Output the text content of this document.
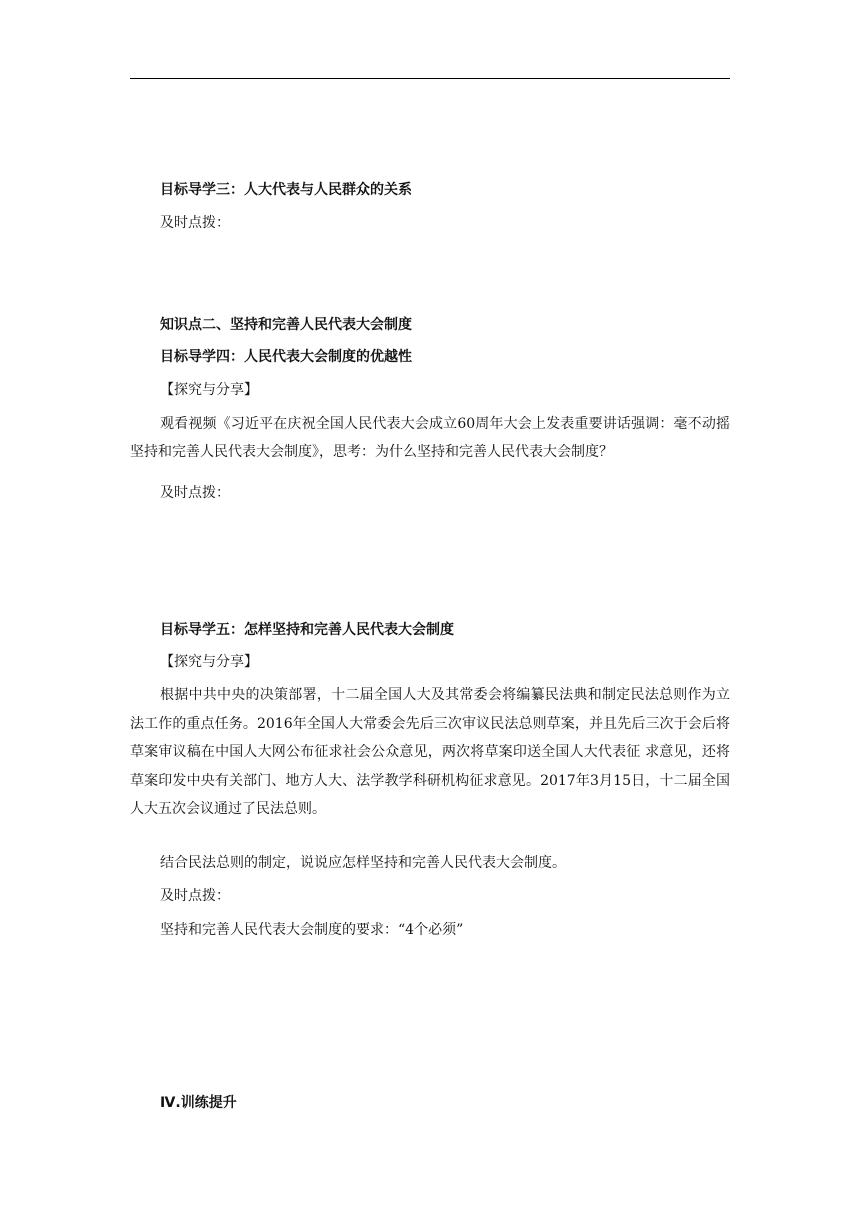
目标导学三：人大代表与人民群众的关系
及时点拨：
知识点二、坚持和完善人民代表大会制度
目标导学四：人民代表大会制度的优越性
【探究与分享】
观看视频《习近平在庆祝全国人民代表大会成立60周年大会上发表重要讲话强调：毫不动摇坚持和完善人民代表大会制度》，思考：为什么坚持和完善人民代表大会制度？
及时点拨：
目标导学五：怎样坚持和完善人民代表大会制度
【探究与分享】
根据中共中央的决策部署，十二届全国人大及其常委会将编纂民法典和制定民法总则作为立法工作的重点任务。2016年全国人大常委会先后三次审议民法总则草案，并且先后三次于会后将草案审议稿在中国人大网公布征求社会公众意见，两次将草案印送全国人大代表征 求意见，还将草案印发中央有关部门、地方人大、法学教学科研机构征求意见。2017年3月15日，十二届全国人大五次会议通过了民法总则。
结合民法总则的制定，说说应怎样坚持和完善人民代表大会制度。
及时点拨：
坚持和完善人民代表大会制度的要求：“4个必须”
Ⅳ.训练提升
